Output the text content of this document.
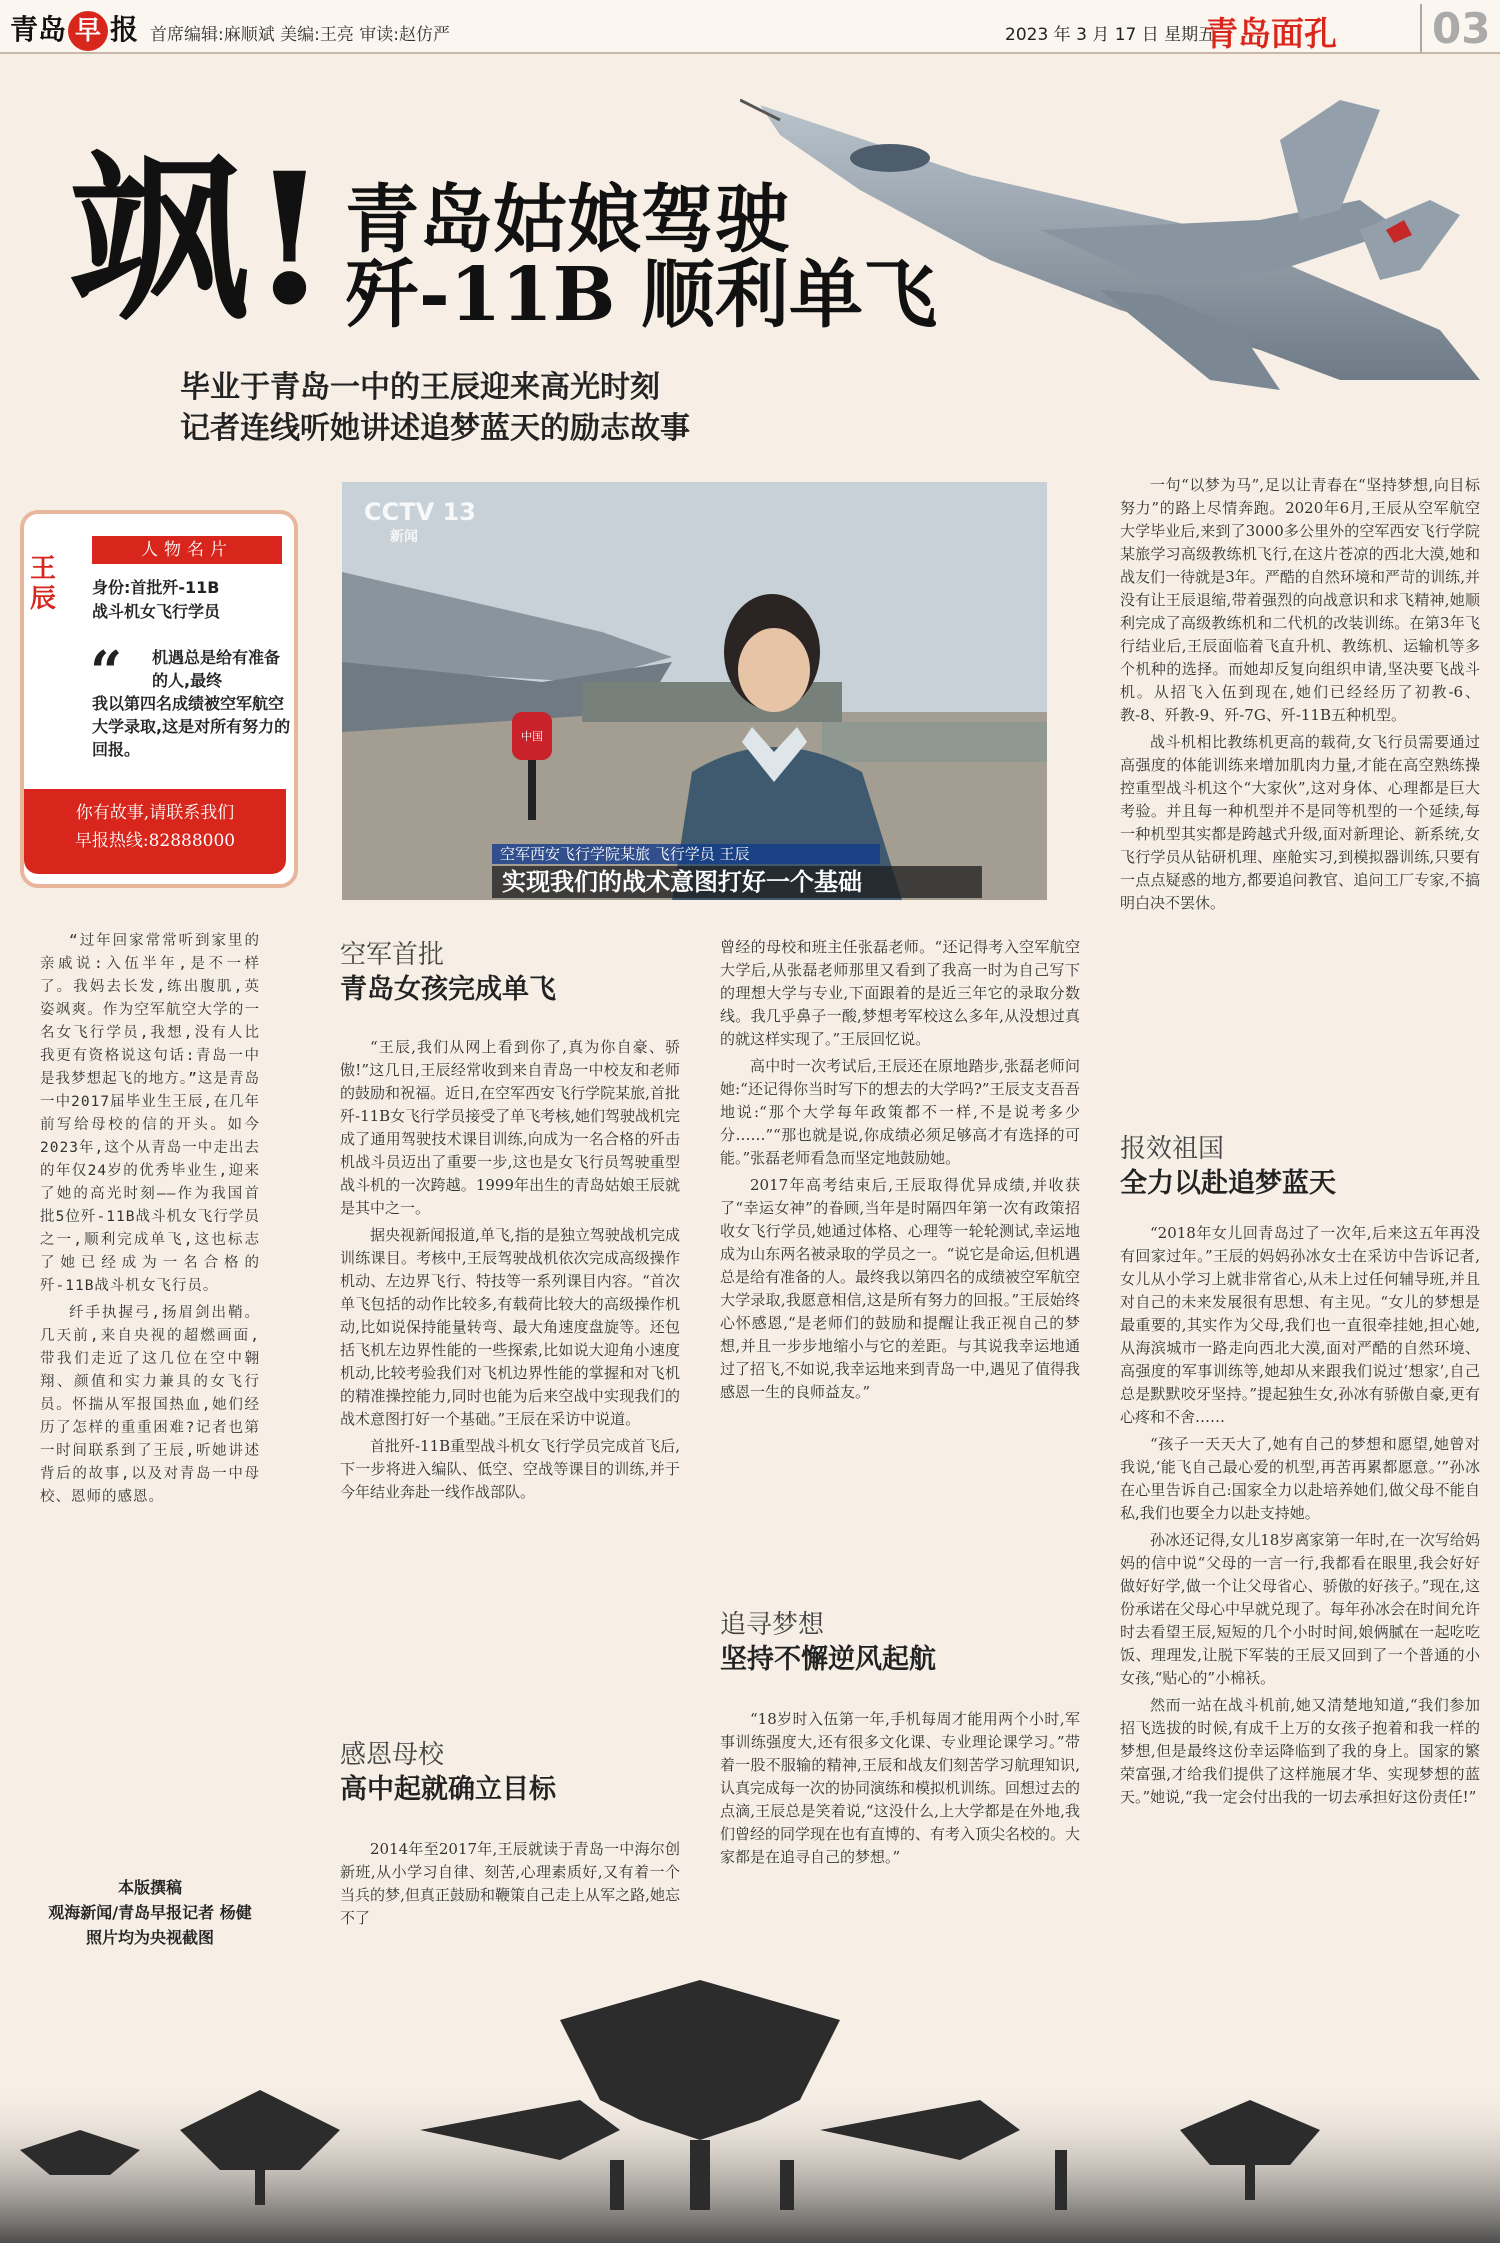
青岛 早 报 首席编辑:麻顺斌 美编:王亮 审读:赵仿严	2023 年 3 月 17 日 星期五
青岛面孔 03
飒! 青岛姑娘驾驶
歼-11B 顺利单飞
毕业于青岛一中的王辰迎来高光时刻
记者连线听她讲述追梦蓝天的励志故事
王辰
人物名片
身份:首批歼-11B
战斗机女飞行学员
“ 机遇总是给有准备的人,最终
我以第四名成绩被空军航空大学录取,这是对所有努力的回报。
你有故事,请联系我们
早报热线:82888000
CCTV 13
新闻
中国
空军西安飞行学院某旅 飞行学员 王辰
实现我们的战术意图打好一个基础

“过年回家常常听到家里的亲戚说:入伍半年,是不一样了。我妈去长发,练出腹肌,英姿飒爽。作为空军航空大学的一名女飞行学员,我想,没有人比我更有资格说这句话:青岛一中是我梦想起飞的地方。”这是青岛一中2017届毕业生王辰,在几年前写给母校的信的开头。如今2023年,这个从青岛一中走出去的年仅24岁的优秀毕业生,迎来了她的高光时刻——作为我国首批5位歼-11B战斗机女飞行学员之一,顺利完成单飞,这也标志了她已经成为一名合格的歼-11B战斗机女飞行员。

纤手执握弓,扬眉剑出鞘。几天前,来自央视的超燃画面,带我们走近了这几位在空中翱翔、颜值和实力兼具的女飞行员。怀揣从军报国热血,她们经历了怎样的重重困难?记者也第一时间联系到了王辰,听她讲述背后的故事,以及对青岛一中母校、恩师的感恩。

本版撰稿
观海新闻/青岛早报记者 杨健
照片均为央视截图
空军首批
青岛女孩完成单飞

“王辰,我们从网上看到你了,真为你自豪、骄傲!”这几日,王辰经常收到来自青岛一中校友和老师的鼓励和祝福。近日,在空军西安飞行学院某旅,首批歼-11B女飞行学员接受了单飞考核,她们驾驶战机完成了通用驾驶技术课目训练,向成为一名合格的歼击机战斗员迈出了重要一步,这也是女飞行员驾驶重型战斗机的一次跨越。1999年出生的青岛姑娘王辰就是其中之一。

据央视新闻报道,单飞,指的是独立驾驶战机完成训练课目。考核中,王辰驾驶战机依次完成高级操作机动、左边界飞行、特技等一系列课目内容。“首次单飞包括的动作比较多,有载荷比较大的高级操作机动,比如说保持能量转弯、最大角速度盘旋等。还包括飞机左边界性能的一些探索,比如说大迎角小速度机动,比较考验我们对飞机边界性能的掌握和对飞机的精准操控能力,同时也能为后来空战中实现我们的战术意图打好一个基础。”王辰在采访中说道。

首批歼-11B重型战斗机女飞行学员完成首飞后,下一步将进入编队、低空、空战等课目的训练,并于今年结业奔赴一线作战部队。

感恩母校
高中起就确立目标

2014年至2017年,王辰就读于青岛一中海尔创新班,从小学习自律、刻苦,心理素质好,又有着一个当兵的梦,但真正鼓励和鞭策自己走上从军之路,她忘不了

曾经的母校和班主任张磊老师。“还记得考入空军航空大学后,从张磊老师那里又看到了我高一时为自己写下的理想大学与专业,下面跟着的是近三年它的录取分数线。我几乎鼻子一酸,梦想考军校这么多年,从没想过真的就这样实现了。”王辰回忆说。

高中时一次考试后,王辰还在原地踏步,张磊老师问她:“还记得你当时写下的想去的大学吗?”王辰支支吾吾地说:“那个大学每年政策都不一样,不是说考多少分……”“那也就是说,你成绩必须足够高才有选择的可能。”张磊老师看急而坚定地鼓励她。

2017年高考结束后,王辰取得优异成绩,并收获了“幸运女神”的眷顾,当年是时隔四年第一次有政策招收女飞行学员,她通过体格、心理等一轮轮测试,幸运地成为山东两名被录取的学员之一。“说它是命运,但机遇总是给有准备的人。最终我以第四名的成绩被空军航空大学录取,我愿意相信,这是所有努力的回报。”王辰始终心怀感恩,“是老师们的鼓励和提醒让我正视自己的梦想,并且一步步地缩小与它的差距。与其说我幸运地通过了招飞,不如说,我幸运地来到青岛一中,遇见了值得我感恩一生的良师益友。”

追寻梦想
坚持不懈逆风起航

“18岁时入伍第一年,手机每周才能用两个小时,军事训练强度大,还有很多文化课、专业理论课学习。”带着一股不服输的精神,王辰和战友们刻苦学习航理知识,认真完成每一次的协同演练和模拟机训练。回想过去的点滴,王辰总是笑着说,“这没什么,上大学都是在外地,我们曾经的同学现在也有直博的、有考入顶尖名校的。大家都是在追寻自己的梦想。”

一句“以梦为马”,足以让青春在“坚持梦想,向目标努力”的路上尽情奔跑。2020年6月,王辰从空军航空大学毕业后,来到了3000多公里外的空军西安飞行学院某旅学习高级教练机飞行,在这片苍凉的西北大漠,她和战友们一待就是3年。严酷的自然环境和严苛的训练,并没有让王辰退缩,带着强烈的向战意识和求飞精神,她顺利完成了高级教练机和二代机的改装训练。在第3年飞行结业后,王辰面临着飞直升机、教练机、运输机等多个机种的选择。而她却反复向组织申请,坚决要飞战斗机。从招飞入伍到现在,她们已经经历了初教-6、教-8、歼教-9、歼-7G、歼-11B五种机型。

战斗机相比教练机更高的载荷,女飞行员需要通过高强度的体能训练来增加肌肉力量,才能在高空熟练操控重型战斗机这个“大家伙”,这对身体、心理都是巨大考验。并且每一种机型并不是同等机型的一个延续,每一种机型其实都是跨越式升级,面对新理论、新系统,女飞行学员从钻研机理、座舱实习,到模拟器训练,只要有一点点疑惑的地方,都要追问教官、追问工厂专家,不搞明白决不罢休。

报效祖国
全力以赴追梦蓝天

“2018年女儿回青岛过了一次年,后来这五年再没有回家过年。”王辰的妈妈孙冰女士在采访中告诉记者,女儿从小学习上就非常省心,从未上过任何辅导班,并且对自己的未来发展很有思想、有主见。“女儿的梦想是最重要的,其实作为父母,我们也一直很牵挂她,担心她,从海滨城市一路走向西北大漠,面对严酷的自然环境、高强度的军事训练等,她却从来跟我们说过‘想家’,自己总是默默咬牙坚持。”提起独生女,孙冰有骄傲自豪,更有心疼和不舍……

“孩子一天天大了,她有自己的梦想和愿望,她曾对我说,‘能飞自己最心爱的机型,再苦再累都愿意。’”孙冰在心里告诉自己:国家全力以赴培养她们,做父母不能自私,我们也要全力以赴支持她。

孙冰还记得,女儿18岁离家第一年时,在一次写给妈妈的信中说“父母的一言一行,我都看在眼里,我会好好做好好学,做一个让父母省心、骄傲的好孩子。”现在,这份承诺在父母心中早就兑现了。每年孙冰会在时间允许时去看望王辰,短短的几个小时时间,娘俩腻在一起吃吃饭、理理发,让脱下军装的王辰又回到了一个普通的小女孩,“贴心的”小棉袄。

然而一站在战斗机前,她又清楚地知道,“我们参加招飞选拔的时候,有成千上万的女孩子抱着和我一样的梦想,但是最终这份幸运降临到了我的身上。国家的繁荣富强,才给我们提供了这样施展才华、实现梦想的蓝天。”她说,“我一定会付出我的一切去承担好这份责任!”
